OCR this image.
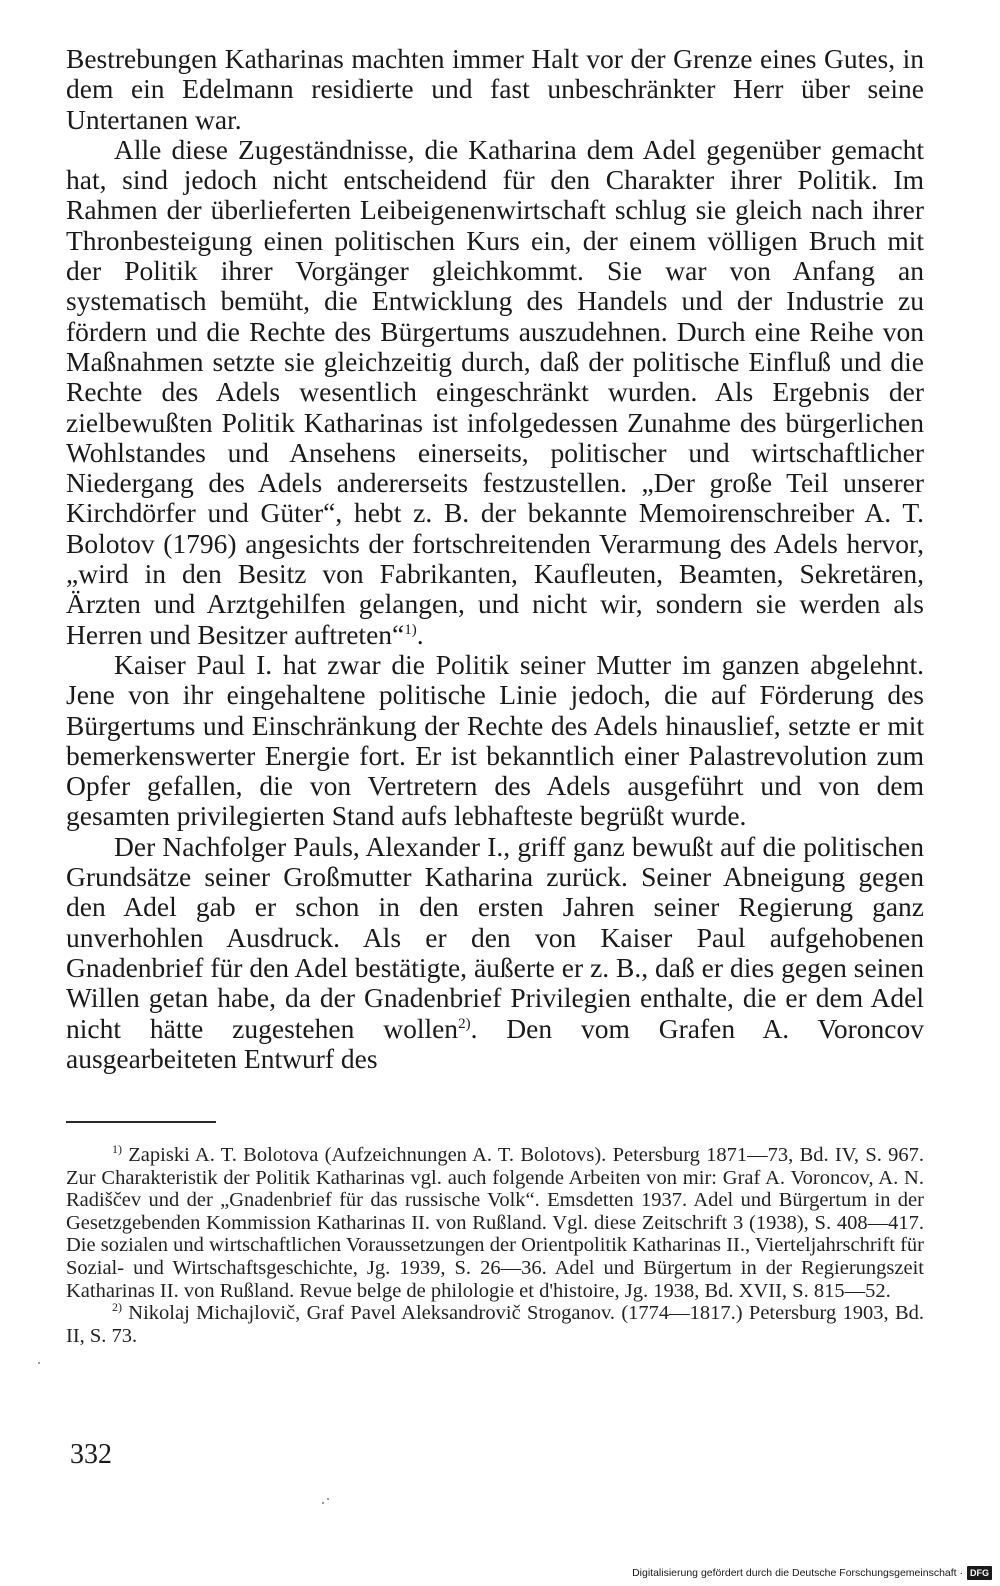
Bestrebungen Katharinas machten immer Halt vor der Grenze eines Gutes, in dem ein Edelmann residierte und fast unbeschränkter Herr über seine Untertanen war.

Alle diese Zugeständnisse, die Katharina dem Adel gegenüber gemacht hat, sind jedoch nicht entscheidend für den Charakter ihrer Politik. Im Rahmen der überlieferten Leibeigenenwirtschaft schlug sie gleich nach ihrer Thronbesteigung einen politischen Kurs ein, der einem völligen Bruch mit der Politik ihrer Vorgänger gleichkommt. Sie war von Anfang an systematisch bemüht, die Entwicklung des Handels und der Industrie zu fördern und die Rechte des Bürgertums auszudehnen. Durch eine Reihe von Maßnahmen setzte sie gleichzeitig durch, daß der politische Einfluß und die Rechte des Adels wesentlich eingeschränkt wurden. Als Ergebnis der zielbewußten Politik Katharinas ist infolgedessen Zunahme des bürgerlichen Wohlstandes und Ansehens einerseits, politischer und wirtschaftlicher Niedergang des Adels andererseits festzustellen. „Der große Teil unserer Kirchdörfer und Güter“, hebt z. B. der bekannte Memoirenschreiber A. T. Bolotov (1796) angesichts der fortschreitenden Verarmung des Adels hervor, „wird in den Besitz von Fabrikanten, Kaufleuten, Beamten, Sekretären, Ärzten und Arztgehilfen gelangen, und nicht wir, sondern sie werden als Herren und Besitzer auftreten“$^{1)}$.

Kaiser Paul I. hat zwar die Politik seiner Mutter im ganzen abgelehnt. Jene von ihr eingehaltene politische Linie jedoch, die auf Förderung des Bürgertums und Einschränkung der Rechte des Adels hinauslief, setzte er mit bemerkenswerter Energie fort. Er ist bekanntlich einer Palastrevolution zum Opfer gefallen, die von Vertretern des Adels ausgeführt und von dem gesamten privilegierten Stand aufs lebhafteste begrüßt wurde.

Der Nachfolger Pauls, Alexander I., griff ganz bewußt auf die politischen Grundsätze seiner Großmutter Katharina zurück. Seiner Abneigung gegen den Adel gab er schon in den ersten Jahren seiner Regierung ganz unverhohlen Ausdruck. Als er den von Kaiser Paul aufgehobenen Gnadenbrief für den Adel bestätigte, äußerte er z. B., daß er dies gegen seinen Willen getan habe, da der Gnadenbrief Privilegien enthalte, die er dem Adel nicht hätte zugestehen wollen$^{2)}$. Den vom Grafen A. Voroncov ausgearbeiteten Entwurf des

$^{1)}$ Zapiski A. T. Bolotova (Aufzeichnungen A. T. Bolotovs). Petersburg 1871—73, Bd. IV, S. 967. Zur Charakteristik der Politik Katharinas vgl. auch folgende Arbeiten von mir: Graf A. Voroncov, A. N. Radiščev und der „Gnadenbrief für das russische Volk“. Emsdetten 1937. Adel und Bürgertum in der Gesetzgebenden Kommission Katharinas II. von Rußland. Vgl. diese Zeitschrift 3 (1938), S. 408—417. Die sozialen und wirtschaftlichen Voraussetzungen der Orientpolitik Katharinas II., Vierteljahrschrift für Sozial- und Wirtschaftsgeschichte, Jg. 1939, S. 26—36. Adel und Bürgertum in der Regierungszeit Katharinas II. von Rußland. Revue belge de philologie et d'histoire, Jg. 1938, Bd. XVII, S. 815—52.

$^{2)}$ Nikolaj Michajlovič, Graf Pavel Aleksandrovič Stroganov. (1774—1817.) Petersburg 1903, Bd. II, S. 73.

332
Digitalisierung gefördert durch die Deutsche Forschungsgemeinschaft · DFG
